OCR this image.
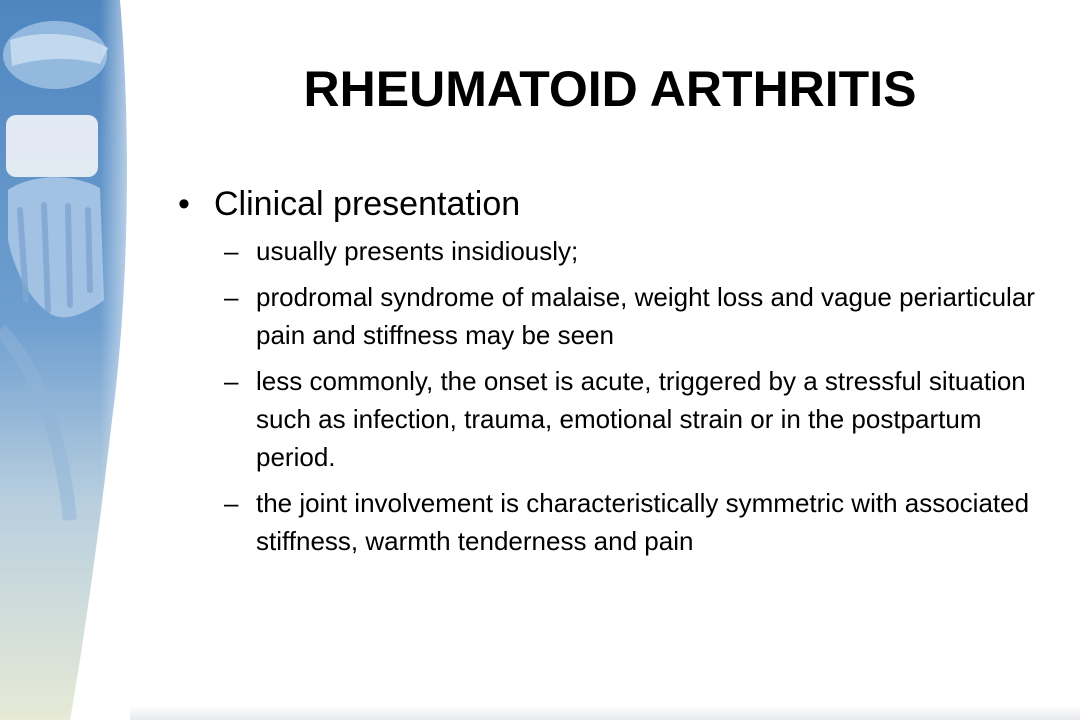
RHEUMATOID ARTHRITIS
• Clinical presentation
– usually presents insidiously;
– prodromal syndrome of malaise, weight loss and vague periarticular pain and stiffness may be seen
– less commonly, the onset is acute, triggered by a stressful situation such as infection, trauma, emotional strain or in the postpartum period.
– the joint involvement is characteristically symmetric with associated stiffness, warmth tenderness and pain
